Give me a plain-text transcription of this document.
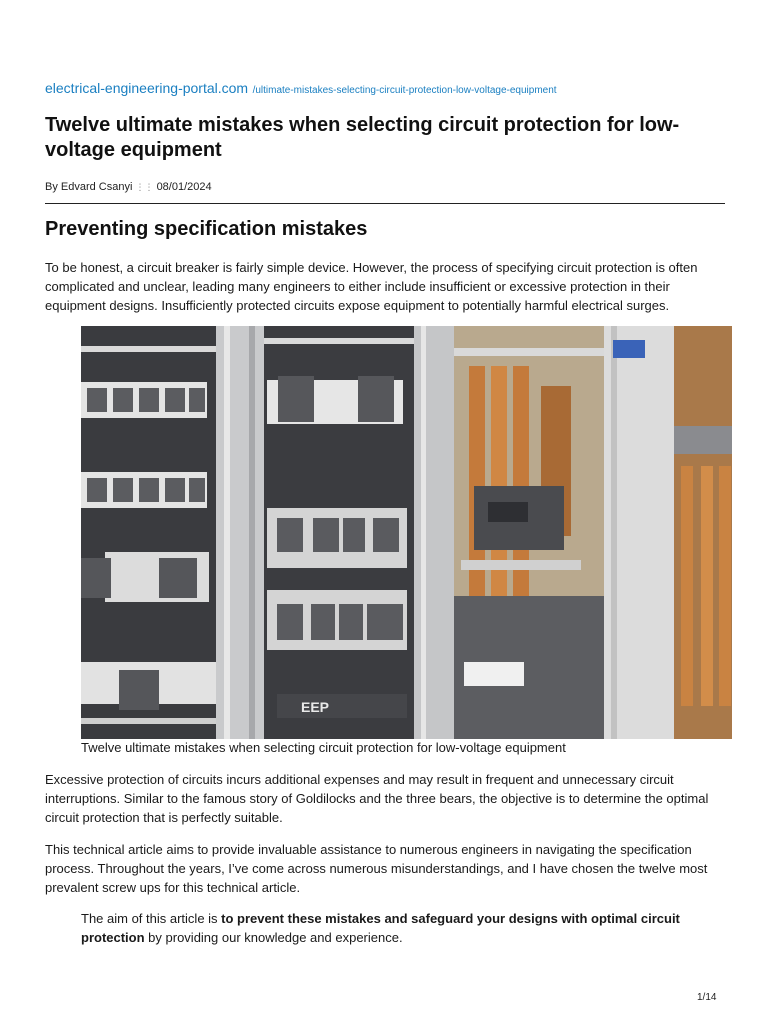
electrical-engineering-portal.com /ultimate-mistakes-selecting-circuit-protection-low-voltage-equipment
Twelve ultimate mistakes when selecting circuit protection for low-voltage equipment
By Edvard Csanyi ⋮⋮ 08/01/2024
Preventing specification mistakes

To be honest, a circuit breaker is fairly simple device. However, the process of specifying circuit protection is often complicated and unclear, leading many engineers to either include insufficient or excessive protection in their equipment designs. Insufficiently protected circuits expose equipment to potentially harmful electrical surges.

EEP
Twelve ultimate mistakes when selecting circuit protection for low-voltage equipment

Excessive protection of circuits incurs additional expenses and may result in frequent and unnecessary circuit interruptions. Similar to the famous story of Goldilocks and the three bears, the objective is to determine the optimal circuit protection that is perfectly suitable.

This technical article aims to provide invaluable assistance to numerous engineers in navigating the specification process. Throughout the years, I’ve come across numerous misunderstandings, and I have chosen the twelve most prevalent screw ups for this technical article.

The aim of this article is to prevent these mistakes and safeguard your designs with optimal circuit protection by providing our knowledge and experience.

1/14
